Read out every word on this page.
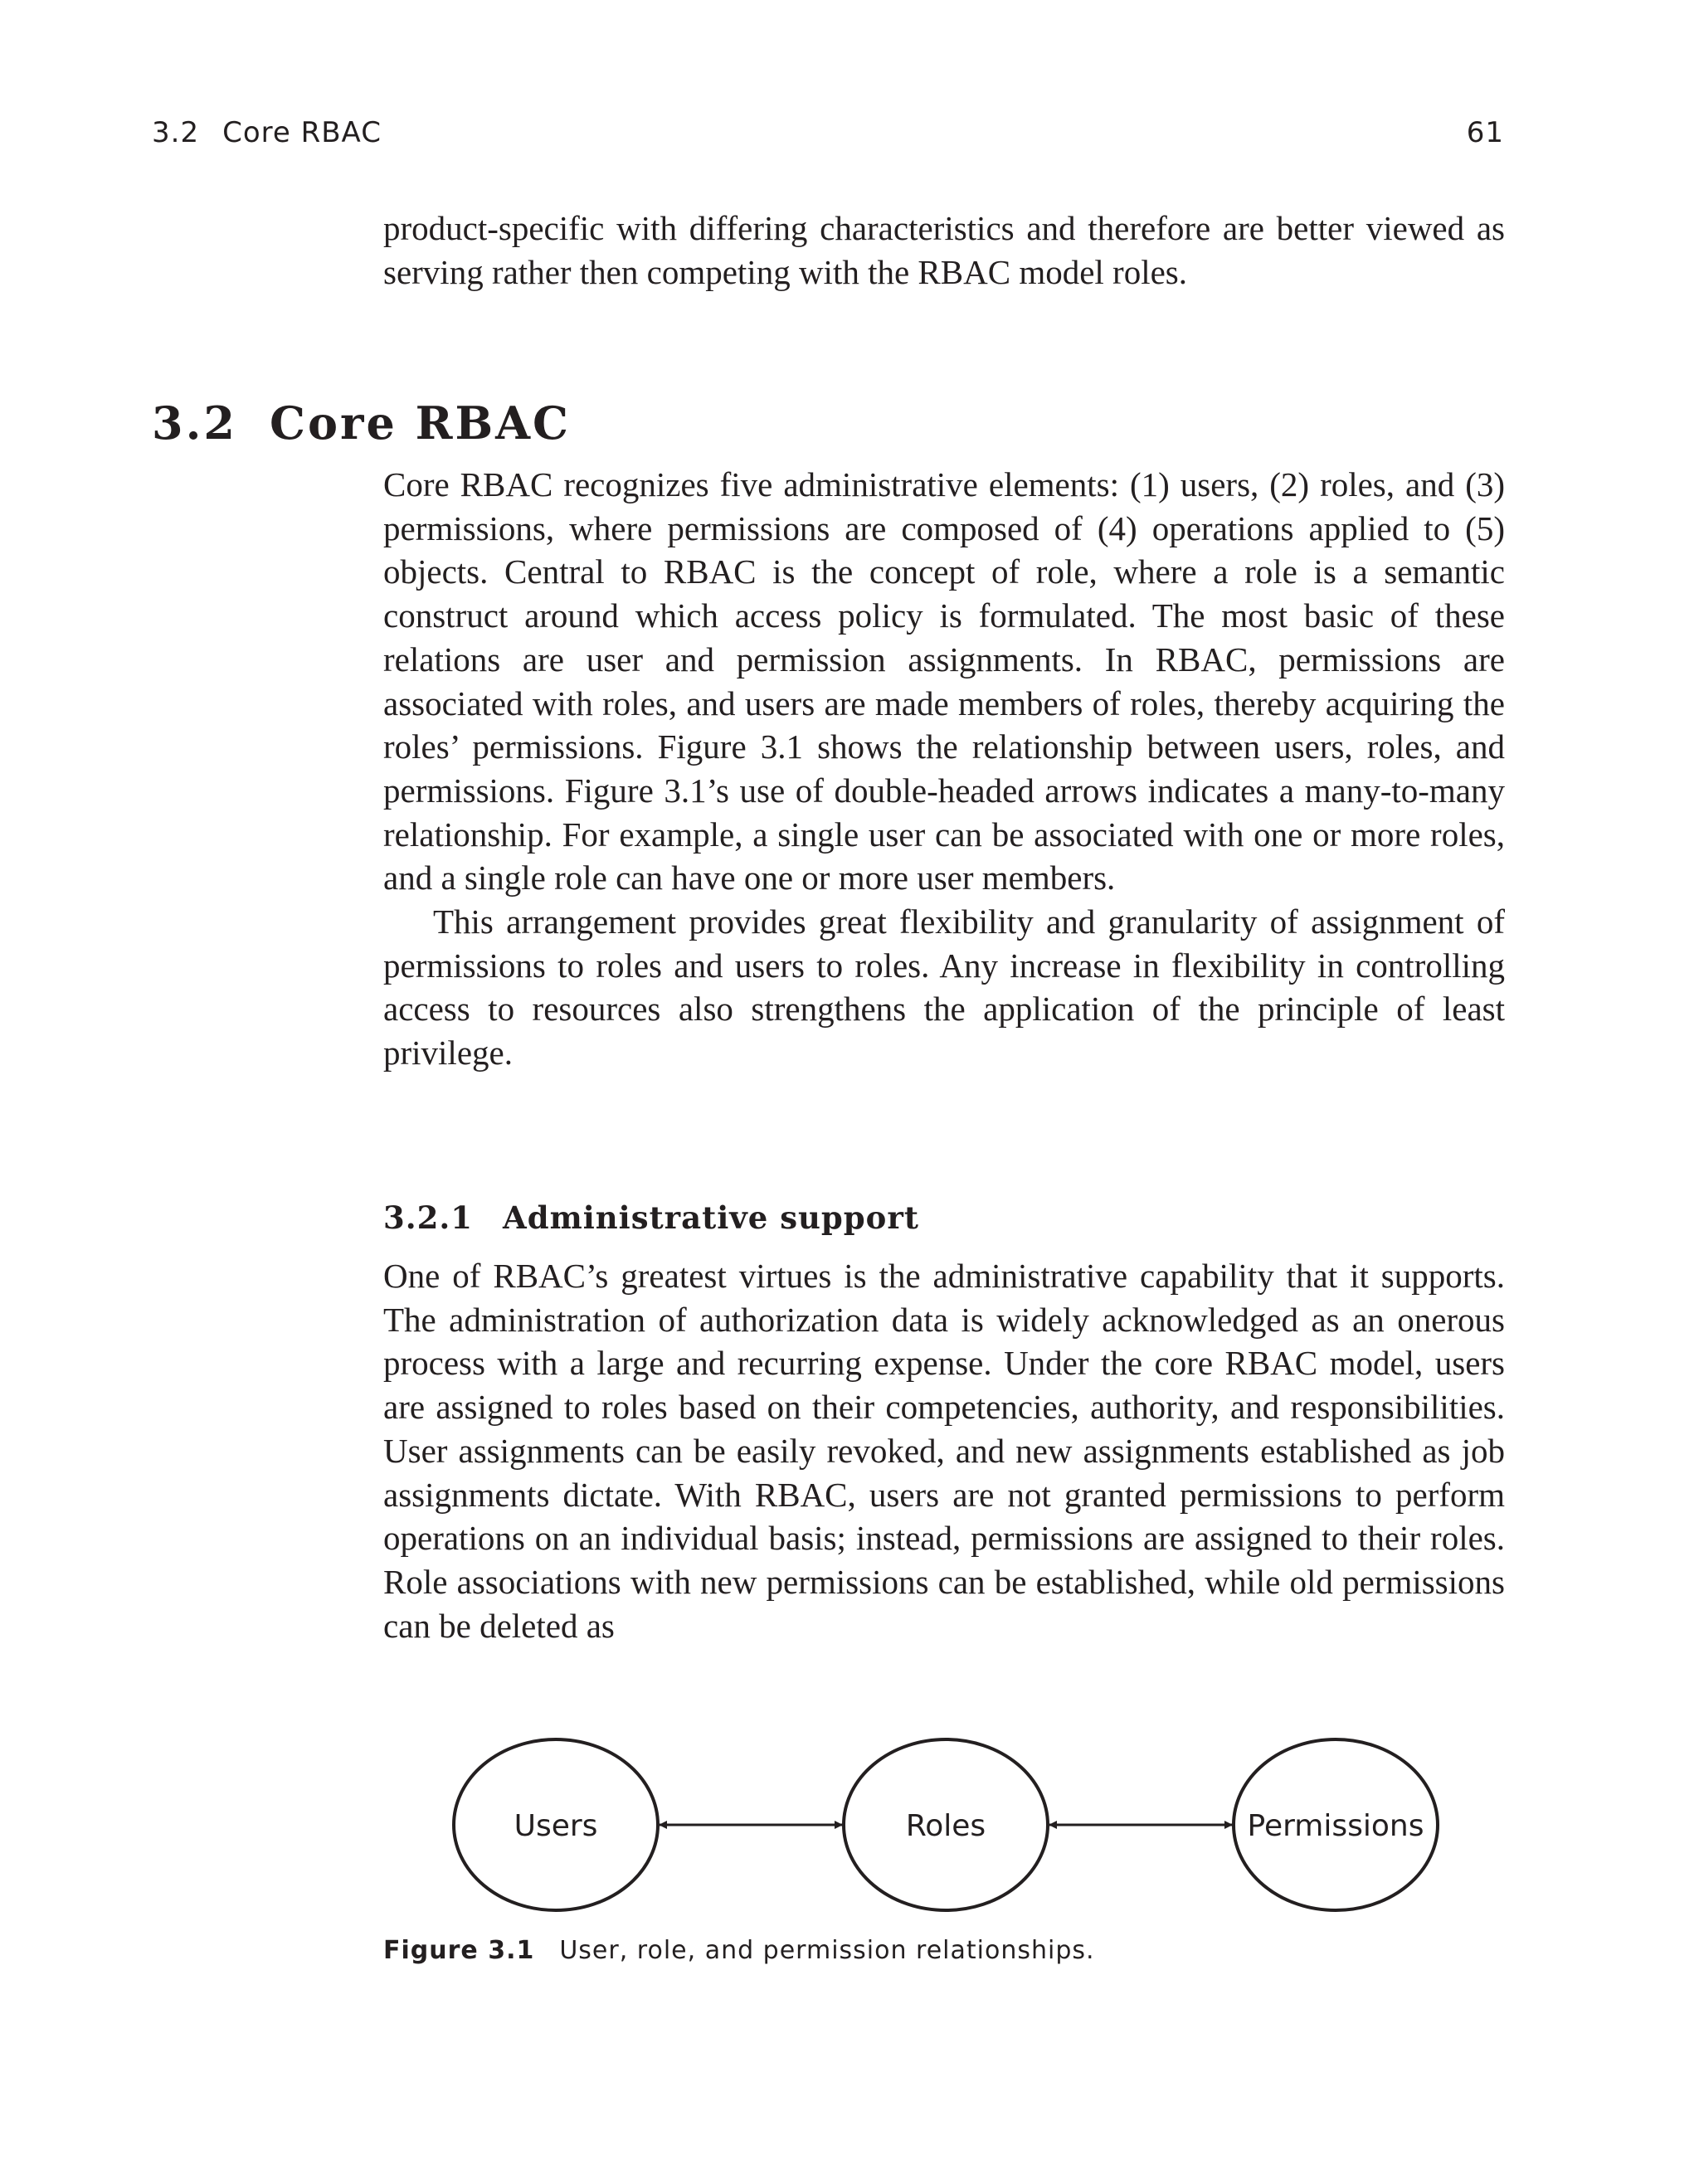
3.2 Core RBAC	61

product-specific with differing characteristics and therefore are better viewed as serving rather then competing with the RBAC model roles.

3.2 Core RBAC

Core RBAC recognizes five administrative elements: (1) users, (2) roles, and (3) permissions, where permissions are composed of (4) operations applied to (5) objects. Central to RBAC is the concept of role, where a role is a semantic construct around which access policy is formulated. The most basic of these relations are user and permission assignments. In RBAC, permissions are associated with roles, and users are made members of roles, thereby acquiring the roles’ permissions. Figure 3.1 shows the relationship between users, roles, and permissions. Figure 3.1’s use of double-headed arrows indicates a many-to-many relationship. For example, a single user can be associated with one or more roles, and a single role can have one or more user members.

This arrangement provides great flexibility and granularity of assignment of permissions to roles and users to roles. Any increase in flexibility in controlling access to resources also strengthens the application of the principle of least privilege.

3.2.1 Administrative support

One of RBAC’s greatest virtues is the administrative capability that it supports. The administration of authorization data is widely acknowledged as an onerous process with a large and recurring expense. Under the core RBAC model, users are assigned to roles based on their competencies, authority, and responsibilities. User assignments can be easily revoked, and new assignments established as job assignments dictate. With RBAC, users are not granted permissions to perform operations on an individual basis; instead, permissions are assigned to their roles. Role associations with new permissions can be established, while old permissions can be deleted as

Users	Roles	Permissions
Figure 3.1 User, role, and permission relationships.
